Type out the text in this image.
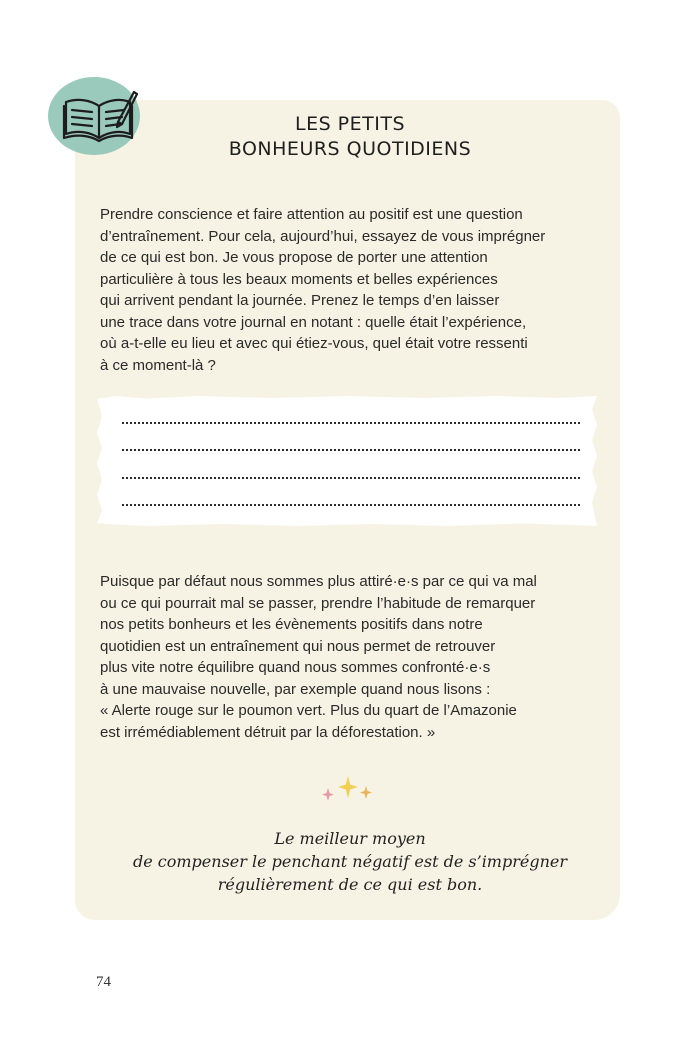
LES PETITS
BONHEURS QUOTIDIENS

Prendre conscience et faire attention au positif est une question
d’entraînement. Pour cela, aujourd’hui, essayez de vous imprégner
de ce qui est bon. Je vous propose de porter une attention
particulière à tous les beaux moments et belles expériences
qui arrivent pendant la journée. Prenez le temps d’en laisser
une trace dans votre journal en notant : quelle était l’expérience,
où a-t-elle eu lieu et avec qui étiez-vous, quel était votre ressenti
à ce moment-là ?

Puisque par défaut nous sommes plus attiré·e·s par ce qui va mal
ou ce qui pourrait mal se passer, prendre l’habitude de remarquer
nos petits bonheurs et les évènements positifs dans notre
quotidien est un entraînement qui nous permet de retrouver
plus vite notre équilibre quand nous sommes confronté·e·s
à une mauvaise nouvelle, par exemple quand nous lisons :
« Alerte rouge sur le poumon vert. Plus du quart de l’Amazonie
est irrémédiablement détruit par la déforestation. »

Le meilleur moyen
de compenser le penchant négatif est de s’imprégner
régulièrement de ce qui est bon.

74
